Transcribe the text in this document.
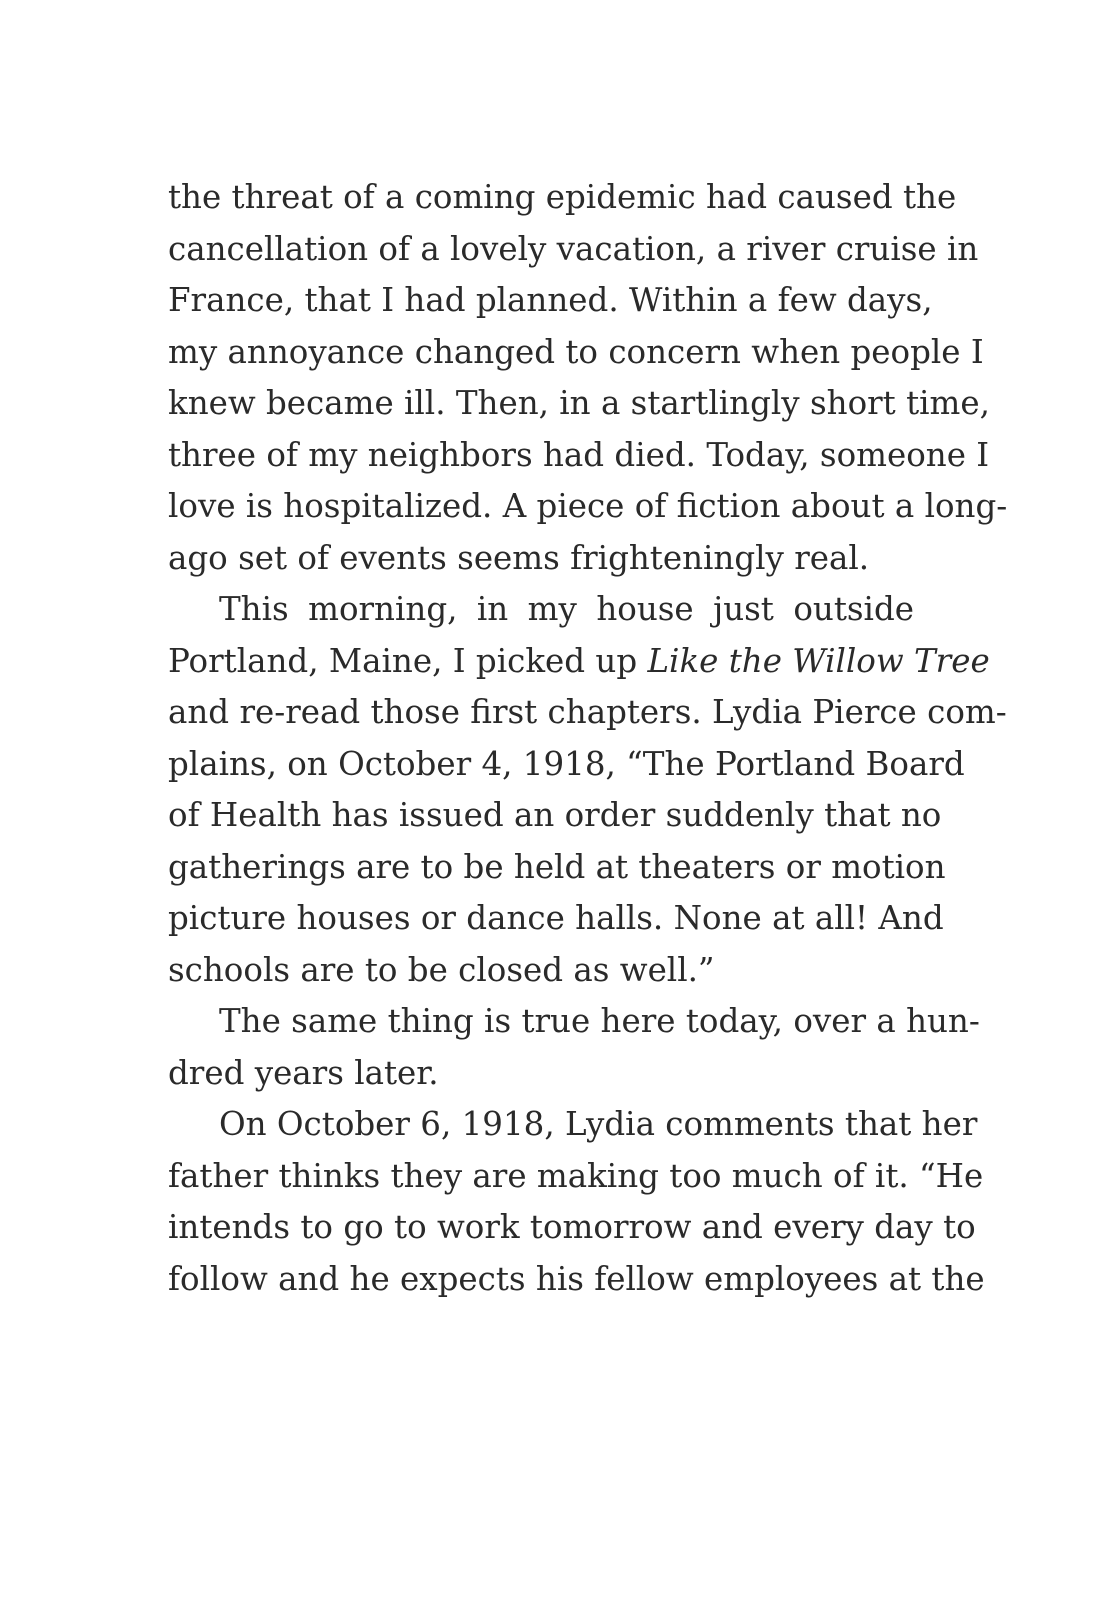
the threat of a coming epidemic had caused the
cancellation of a lovely vacation, a river cruise in
France, that I had planned. Within a few days,
my annoyance changed to concern when people I
knew became ill. Then, in a startlingly short time,
three of my neighbors had died. Today, someone I
love is hospitalized. A piece of fiction about a long-
ago set of events seems frighteningly real.
This morning, in my house just outside
Portland, Maine, I picked up Like the Willow Tree
and re-read those first chapters. Lydia Pierce com-
plains, on October 4, 1918, “The Portland Board
of Health has issued an order suddenly that no
gatherings are to be held at theaters or motion
picture houses or dance halls. None at all! And
schools are to be closed as well.”
The same thing is true here today, over a hun-
dred years later.
On October 6, 1918, Lydia comments that her
father thinks they are making too much of it. “He
intends to go to work tomorrow and every day to
follow and he expects his fellow employees at the
